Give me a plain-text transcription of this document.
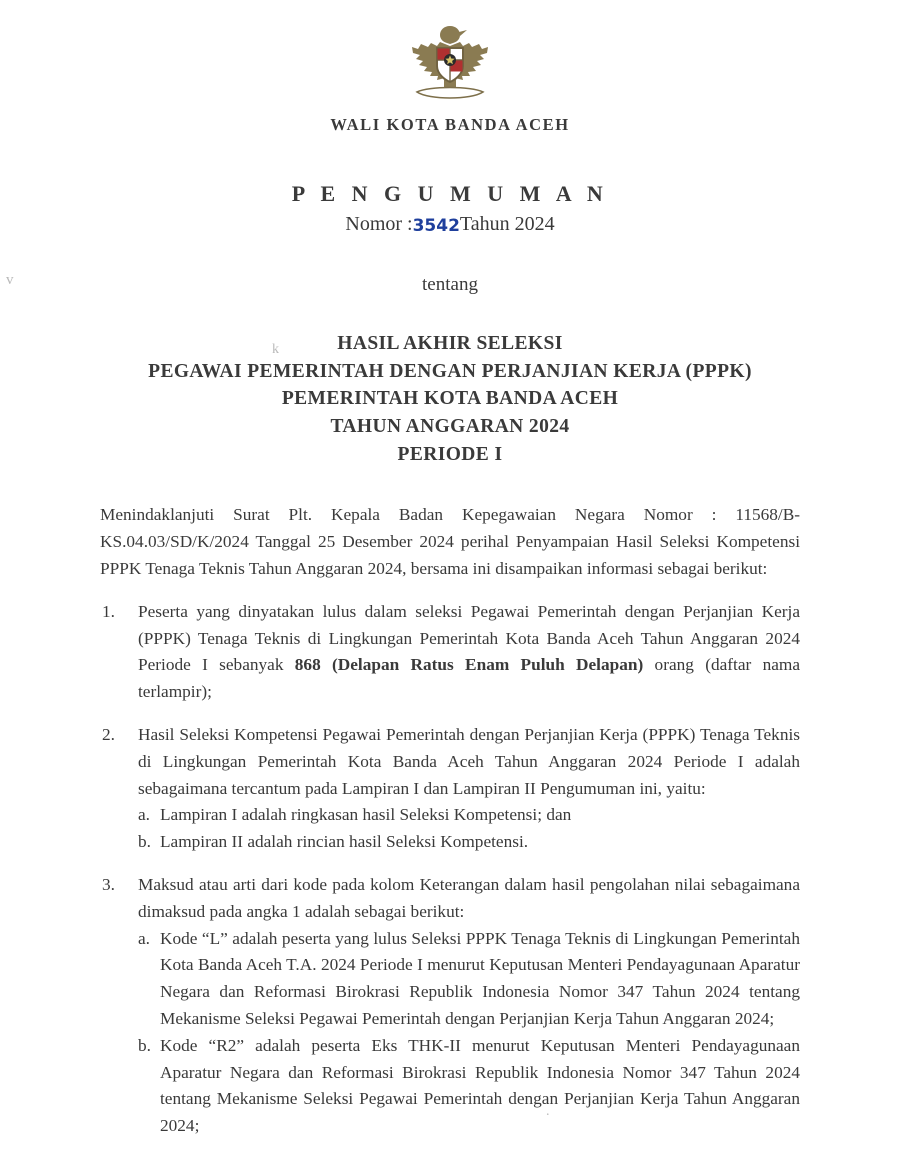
WALI KOTA BANDA ACEH
P E N G U M U M A N
Nomor :3542Tahun 2024
tentang
HASIL AKHIR SELEKSI
PEGAWAI PEMERINTAH DENGAN PERJANJIAN KERJA (PPPK)
PEMERINTAH KOTA BANDA ACEH
TAHUN ANGGARAN 2024
PERIODE I

Menindaklanjuti Surat Plt. Kepala Badan Kepegawaian Negara Nomor : 11568/B-KS.04.03/SD/K/2024 Tanggal 25 Desember 2024 perihal Penyampaian Hasil Seleksi Kompetensi PPPK Tenaga Teknis Tahun Anggaran 2024, bersama ini disampaikan informasi sebagai berikut:

1.	Peserta yang dinyatakan lulus dalam seleksi Pegawai Pemerintah dengan Perjanjian Kerja (PPPK) Tenaga Teknis di Lingkungan Pemerintah Kota Banda Aceh Tahun Anggaran 2024 Periode I sebanyak 868 (Delapan Ratus Enam Puluh Delapan) orang (daftar nama terlampir);
2.	Hasil Seleksi Kompetensi Pegawai Pemerintah dengan Perjanjian Kerja (PPPK) Tenaga Teknis di Lingkungan Pemerintah Kota Banda Aceh Tahun Anggaran 2024 Periode I adalah sebagaimana tercantum pada Lampiran I dan Lampiran II Pengumuman ini, yaitu:
a. Lampiran I adalah ringkasan hasil Seleksi Kompetensi; dan
b. Lampiran II adalah rincian hasil Seleksi Kompetensi.
3.	Maksud atau arti dari kode pada kolom Keterangan dalam hasil pengolahan nilai sebagaimana dimaksud pada angka 1 adalah sebagai berikut:
a. Kode “L” adalah peserta yang lulus Seleksi PPPK Tenaga Teknis di Lingkungan Pemerintah Kota Banda Aceh T.A. 2024 Periode I menurut Keputusan Menteri Pendayagunaan Aparatur Negara dan Reformasi Birokrasi Republik Indonesia Nomor 347 Tahun 2024 tentang Mekanisme Seleksi Pegawai Pemerintah dengan Perjanjian Kerja Tahun Anggaran 2024;
b. Kode “R2” adalah peserta Eks THK-II menurut Keputusan Menteri Pendayagunaan Aparatur Negara dan Reformasi Birokrasi Republik Indonesia Nomor 347 Tahun 2024 tentang Mekanisme Seleksi Pegawai Pemerintah dengan Perjanjian Kerja Tahun Anggaran 2024;
v
k
.
